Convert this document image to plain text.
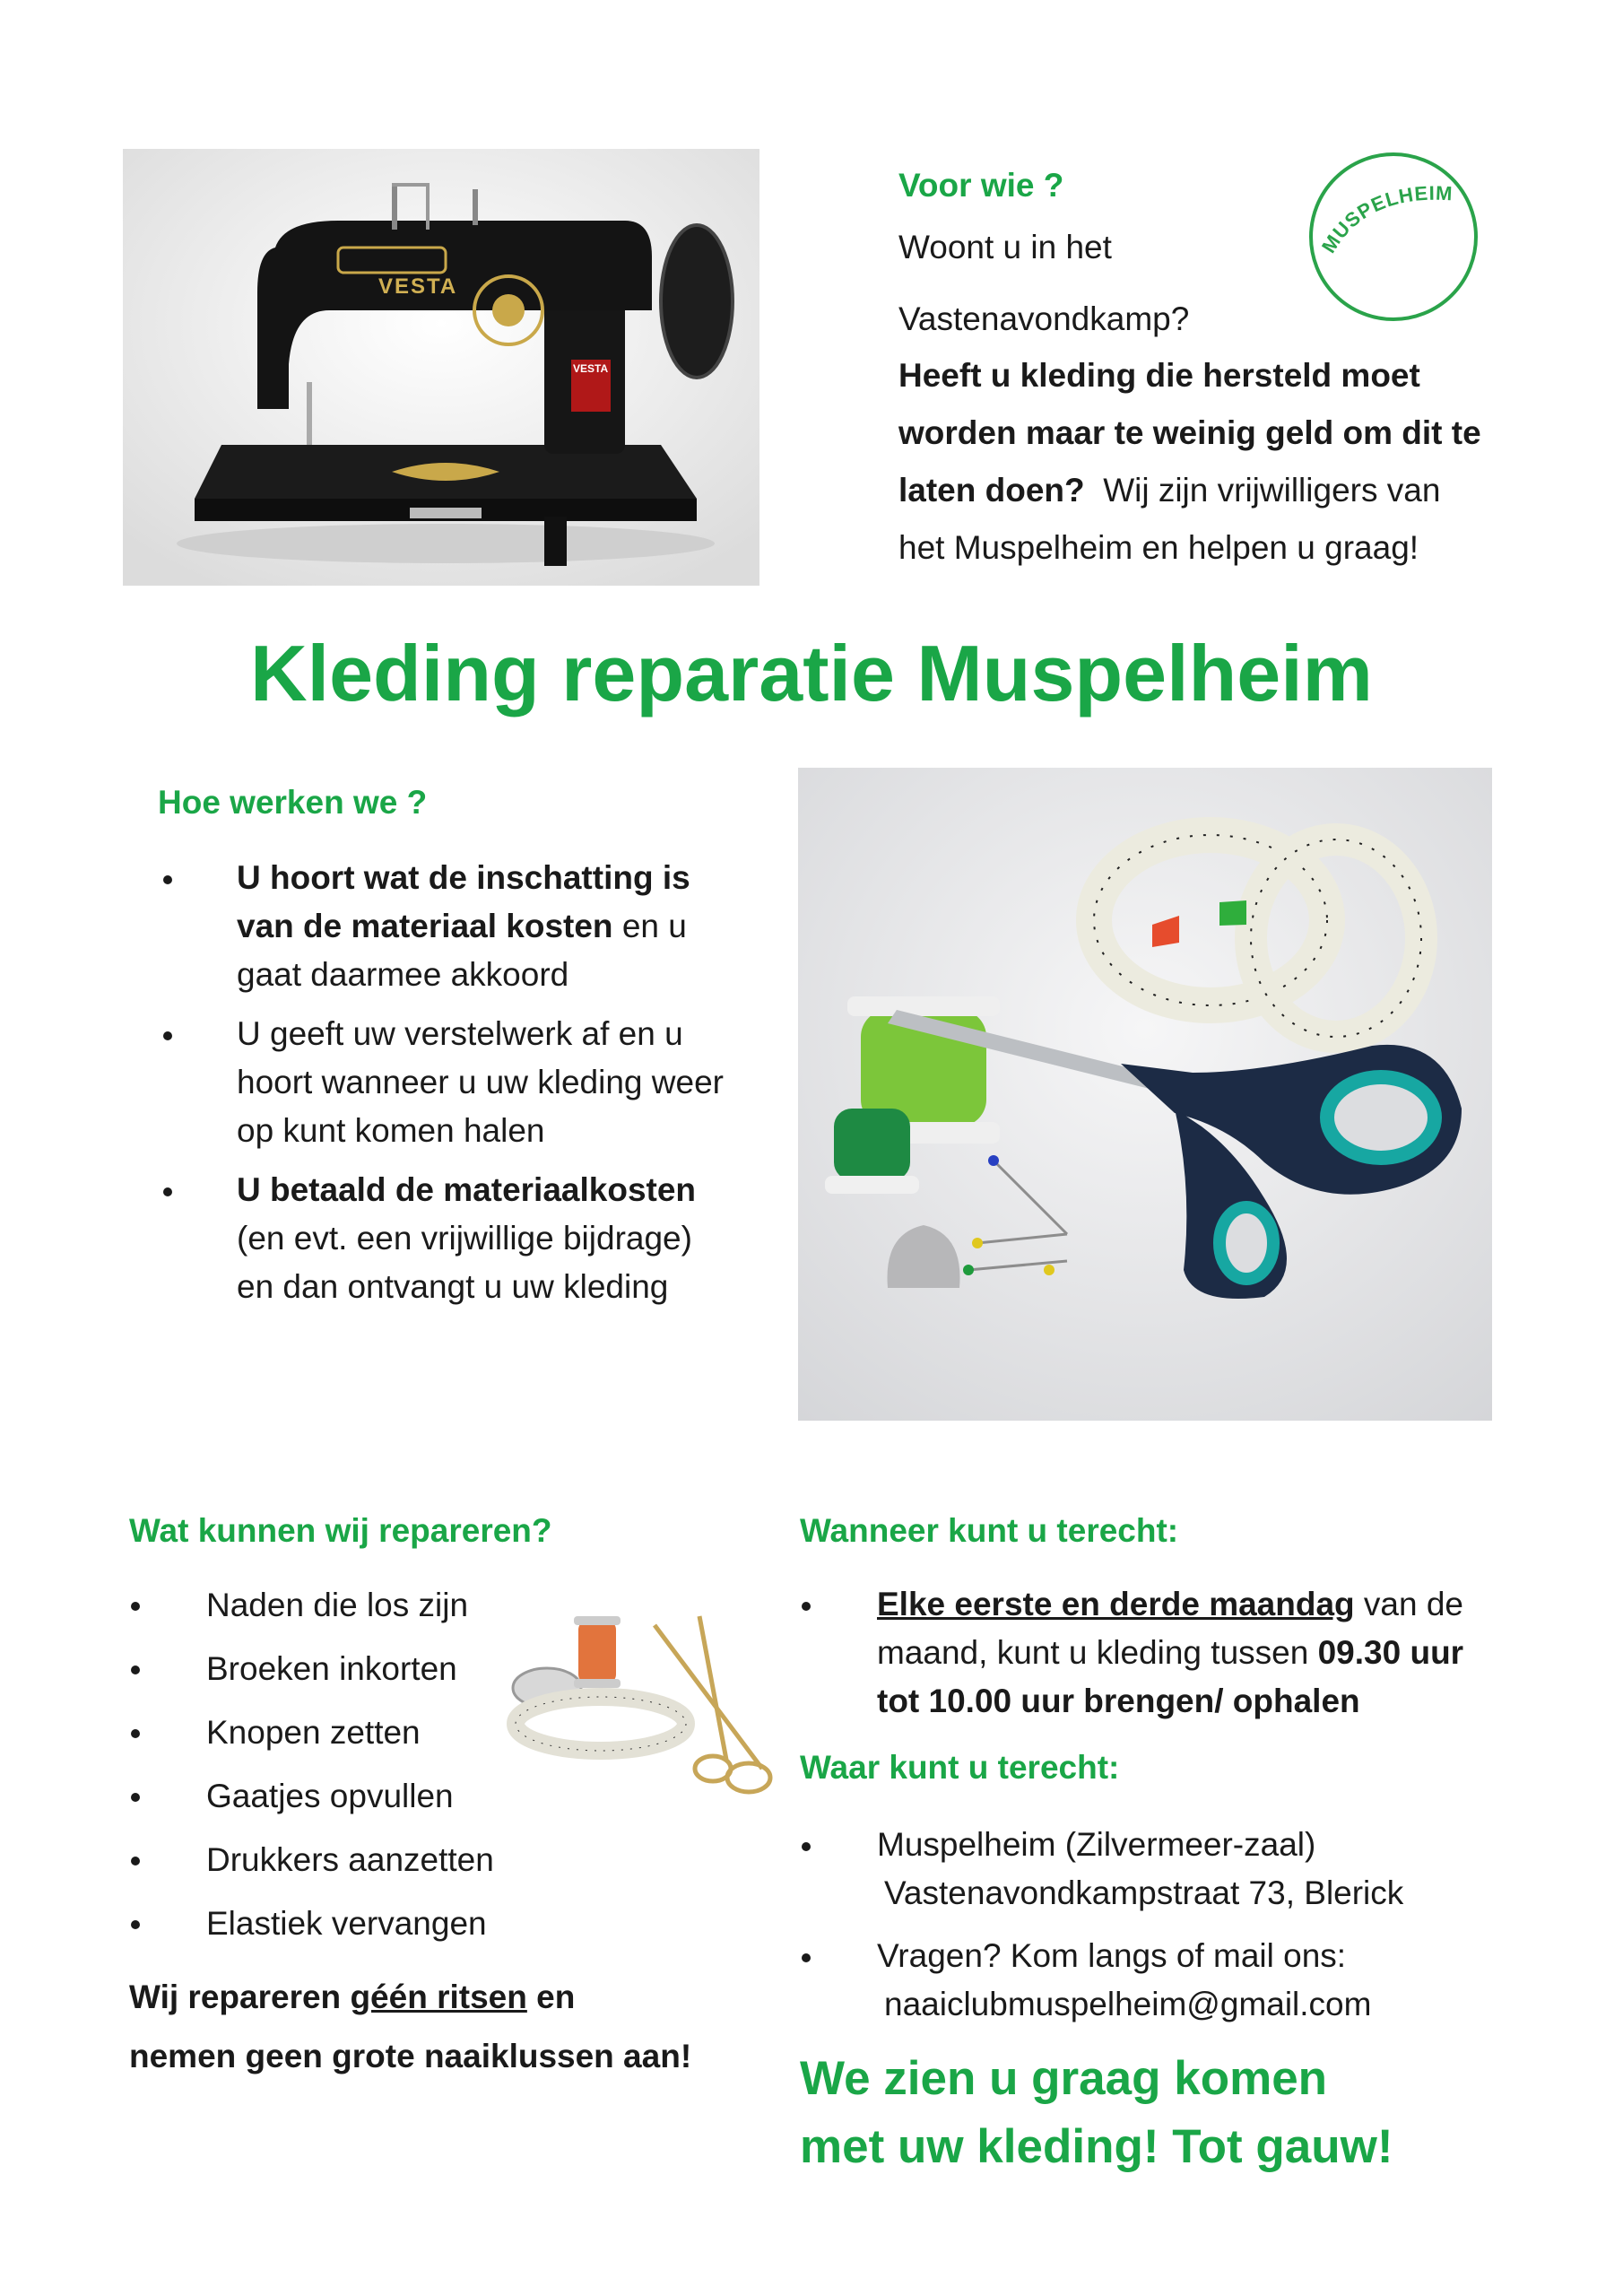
VESTA
VESTA
Voor wie ?
Woont u in het
Vastenavondkamp?
Heeft u kleding die hersteld moet
worden maar te weinig geld om dit te
laten doen? Wij zijn vrijwilligers van
het Muspelheim en helpen u graag!
MUSPELHEIM
Kleding reparatie Muspelheim
Hoe werken we ?
U hoort wat de inschatting is van de materiaal kosten en u gaat daarmee akkoord
U geeft uw verstelwerk af en u hoort wanneer u uw kleding weer op kunt komen halen
U betaald de materiaalkosten (en evt. een vrijwillige bijdrage) en dan ontvangt u uw kleding
Wat kunnen wij repareren?
Naden die los zijn
Broeken inkorten
Knopen zetten
Gaatjes opvullen
Drukkers aanzetten
Elastiek vervangen
Wij repareren géén ritsen en
nemen geen grote naaiklussen aan!
Wanneer kunt u terecht:
Elke eerste en derde maandag van de maand, kunt u kleding tussen 09.30 uur tot 10.00 uur brengen/ ophalen
Waar kunt u terecht:
Muspelheim (Zilvermeer-zaal)
Vastenavondkampstraat 73, Blerick
Vragen? Kom langs of mail ons:
naaiclubmuspelheim@gmail.com
We zien u graag komen
met uw kleding! Tot gauw!
